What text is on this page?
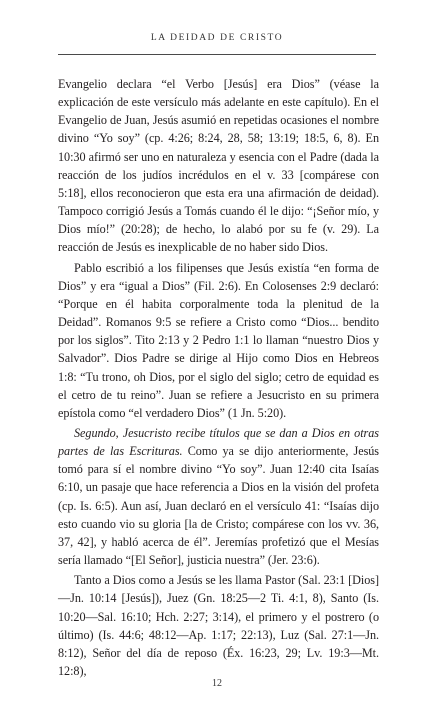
LA DEIDAD DE CRISTO

Evangelio declara “el Verbo [Jesús] era Dios” (véase la explicación de este versículo más adelante en este capítulo). En el Evangelio de Juan, Jesús asumió en repetidas ocasiones el nombre divino “Yo soy” (cp. 4:26; 8:24, 28, 58; 13:19; 18:5, 6, 8). En 10:30 afirmó ser uno en naturaleza y esencia con el Padre (dada la reacción de los judíos incrédulos en el v. 33 [compárese con 5:18], ellos reconocieron que esta era una afirmación de deidad). Tampoco corrigió Jesús a Tomás cuando él le dijo: “¡Señor mío, y Dios mío!” (20:28); de hecho, lo alabó por su fe (v. 29). La reacción de Jesús es inexplicable de no haber sido Dios.

Pablo escribió a los filipenses que Jesús existía “en forma de Dios” y era “igual a Dios” (Fil. 2:6). En Colosenses 2:9 declaró: “Porque en él habita corporalmente toda la plenitud de la Deidad”. Romanos 9:5 se refiere a Cristo como “Dios... bendito por los siglos”. Tito 2:13 y 2 Pedro 1:1 lo llaman “nuestro Dios y Salvador”. Dios Padre se dirige al Hijo como Dios en Hebreos 1:8: “Tu trono, oh Dios, por el siglo del siglo; cetro de equidad es el cetro de tu reino”. Juan se refiere a Jesucristo en su primera epístola como “el verdadero Dios” (1 Jn. 5:20).

Segundo, Jesucristo recibe títulos que se dan a Dios en otras partes de las Escrituras. Como ya se dijo anteriormente, Jesús tomó para sí el nombre divino “Yo soy”. Juan 12:40 cita Isaías 6:10, un pasaje que hace referencia a Dios en la visión del profeta (cp. Is. 6:5). Aun así, Juan declaró en el versículo 41: “Isaías dijo esto cuando vio su gloria [la de Cristo; compárese con los vv. 36, 37, 42], y habló acerca de él”. Jeremías profetizó que el Mesías sería llamado “[El Señor], justicia nuestra” (Jer. 23:6).

Tanto a Dios como a Jesús se les llama Pastor (Sal. 23:1 [Dios]—Jn. 10:14 [Jesús]), Juez (Gn. 18:25—2 Ti. 4:1, 8), Santo (Is. 10:20—Sal. 16:10; Hch. 2:27; 3:14), el primero y el postrero (o último) (Is. 44:6; 48:12—Ap. 1:17; 22:13), Luz (Sal. 27:1—Jn. 8:12), Señor del día de reposo (Éx. 16:23, 29; Lv. 19:3—Mt. 12:8),

12
